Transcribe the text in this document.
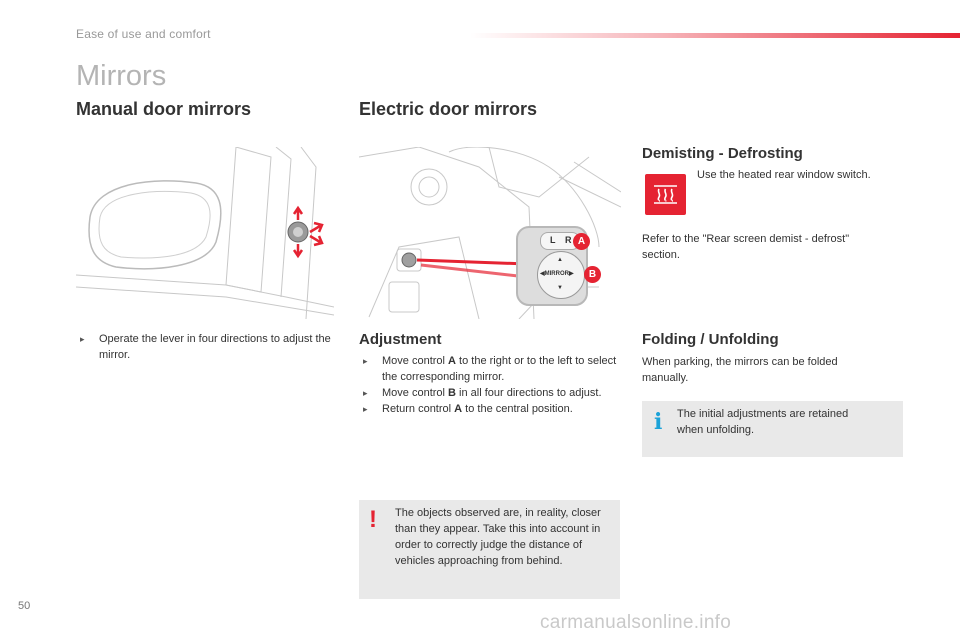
Ease of use and comfort
Mirrors
Manual door mirrors	Electric door mirrors
L R A
▲
◀MIRROR▶
▼
B
Demisting - Defrosting
Use the heated rear window switch.
Refer to the "Rear screen demist - defrost" section.
▸ Operate the lever in four directions to adjust the mirror.
Adjustment
▸ Move control A to the right or to the left to select the corresponding mirror.
▸ Move control B in all four directions to adjust.
▸ Return control A to the central position.
Folding / Unfolding
When parking, the mirrors can be folded manually.
i The initial adjustments are retained when unfolding.
! The objects observed are, in reality, closer than they appear. Take this into account in order to correctly judge the distance of vehicles approaching from behind.
50
carmanualsonline.info
